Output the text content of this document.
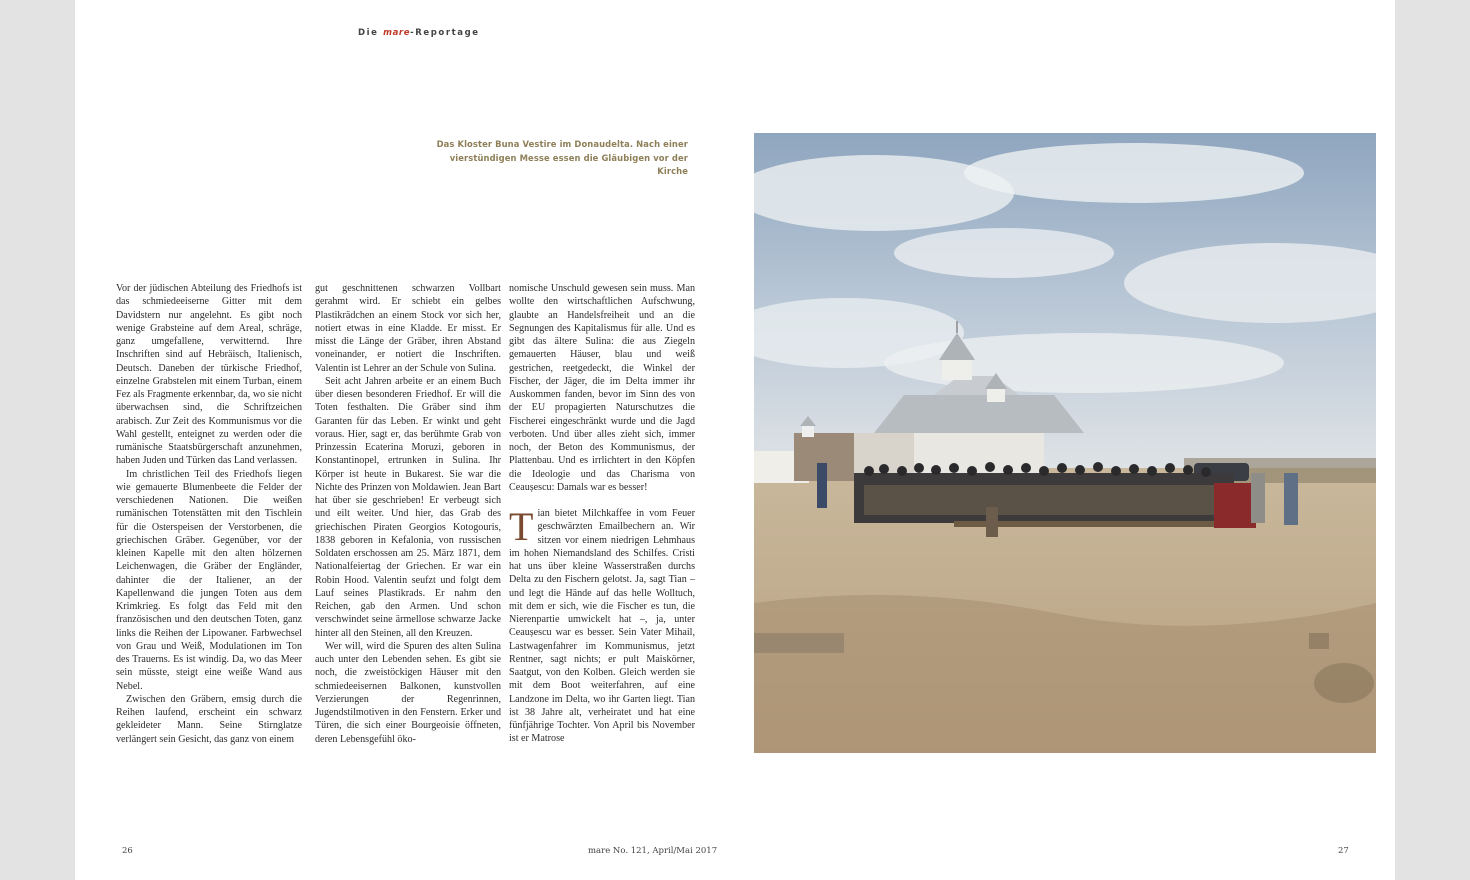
Die mare-Reportage
Das Kloster Buna Vestire im Donaudelta. Nach einer vierstündigen Messe essen die Gläubigen vor der Kirche

Vor der jüdischen Abteilung des Friedhofs ist das schmiedeeiserne Gitter mit dem Davidstern nur angelehnt. Es gibt noch wenige Grabsteine auf dem Areal, schräge, ganz umgefallene, verwitternd. Ihre Inschriften sind auf Hebräisch, Italienisch, Deutsch. Daneben der türkische Friedhof, einzelne Grabstelen mit einem Turban, einem Fez als Fragmente erkennbar, da, wo sie nicht überwachsen sind, die Schriftzeichen arabisch. Zur Zeit des Kommunismus vor die Wahl gestellt, enteignet zu werden oder die rumänische Staatsbürgerschaft anzunehmen, haben Juden und Türken das Land verlassen.

Im christlichen Teil des Friedhofs liegen wie gemauerte Blumenbeete die Felder der verschiedenen Nationen. Die weißen rumänischen Totenstätten mit den Tischlein für die Osterspeisen der Verstorbenen, die griechischen Gräber. Gegenüber, vor der kleinen Kapelle mit den alten hölzernen Leichenwagen, die Gräber der Engländer, dahinter die der Italiener, an der Kapellenwand die jungen Toten aus dem Krimkrieg. Es folgt das Feld mit den französischen und den deutschen Toten, ganz links die Reihen der Lipowaner. Farbwechsel von Grau und Weiß, Modulationen im Ton des Trauerns. Es ist windig. Da, wo das Meer sein müsste, steigt eine weiße Wand aus Nebel.

Zwischen den Gräbern, emsig durch die Reihen laufend, erscheint ein schwarz gekleideter Mann. Seine Stirnglatze verlängert sein Gesicht, das ganz von einem

gut geschnittenen schwarzen Vollbart gerahmt wird. Er schiebt ein gelbes Plastikrädchen an einem Stock vor sich her, notiert etwas in eine Kladde. Er misst. Er misst die Länge der Gräber, ihren Abstand voneinander, er notiert die Inschriften. Valentin ist Lehrer an der Schule von Sulina.

Seit acht Jahren arbeite er an einem Buch über diesen besonderen Friedhof. Er will die Toten festhalten. Die Gräber sind ihm Garanten für das Leben. Er winkt und geht voraus. Hier, sagt er, das berühmte Grab von Prinzessin Ecaterina Moruzi, geboren in Konstantinopel, ertrunken in Sulina. Ihr Körper ist heute in Bukarest. Sie war die Nichte des Prinzen von Moldawien. Jean Bart hat über sie geschrieben! Er verbeugt sich und eilt weiter. Und hier, das Grab des griechischen Piraten Georgios Kotogouris, 1838 geboren in Kefalonia, von russischen Soldaten erschossen am 25. März 1871, dem Nationalfeiertag der Griechen. Er war ein Robin Hood. Valentin seufzt und folgt dem Lauf seines Plastikrads. Er nahm den Reichen, gab den Armen. Und schon verschwindet seine ärmellose schwarze Jacke hinter all den Steinen, all den Kreuzen.

Wer will, wird die Spuren des alten Sulina auch unter den Lebenden sehen. Es gibt sie noch, die zweistöckigen Häuser mit den schmiedeeisernen Balkonen, kunstvollen Verzierungen der Regenrinnen, Jugendstilmotiven in den Fenstern. Erker und Türen, die sich einer Bourgeoisie öffneten, deren Lebensgefühl öko-

nomische Unschuld gewesen sein muss. Man wollte den wirtschaftlichen Aufschwung, glaubte an Handelsfreiheit und an die Segnungen des Kapitalismus für alle. Und es gibt das ältere Sulina: die aus Ziegeln gemauerten Häuser, blau und weiß gestrichen, reetgedeckt, die Winkel der Fischer, der Jäger, die im Delta immer ihr Auskommen fanden, bevor im Sinn des von der EU propagierten Naturschutzes die Fischerei eingeschränkt wurde und die Jagd verboten. Und über alles zieht sich, immer noch, der Beton des Kommunismus, der Plattenbau. Und es irrlichtert in den Köpfen die Ideologie und das Charisma von Ceaușescu: Damals war es besser!

Tian bietet Milchkaffee in vom Feuer geschwärzten Emailbechern an. Wir sitzen vor einem niedrigen Lehmhaus im hohen Niemandsland des Schilfes. Cristi hat uns über kleine Wasserstraßen durchs Delta zu den Fischern gelotst. Ja, sagt Tian – und legt die Hände auf das helle Wolltuch, mit dem er sich, wie die Fischer es tun, die Nierenpartie umwickelt hat –, ja, unter Ceaușescu war es besser. Sein Vater Mihail, Lastwagenfahrer im Kommunismus, jetzt Rentner, sagt nichts; er pult Maiskörner, Saatgut, von den Kolben. Gleich werden sie mit dem Boot weiterfahren, auf eine Landzone im Delta, wo ihr Garten liegt. Tian ist 38 Jahre alt, verheiratet und hat eine fünfjährige Tochter. Von April bis November ist er Matrose

26	mare No. 121, April/Mai 2017	27
